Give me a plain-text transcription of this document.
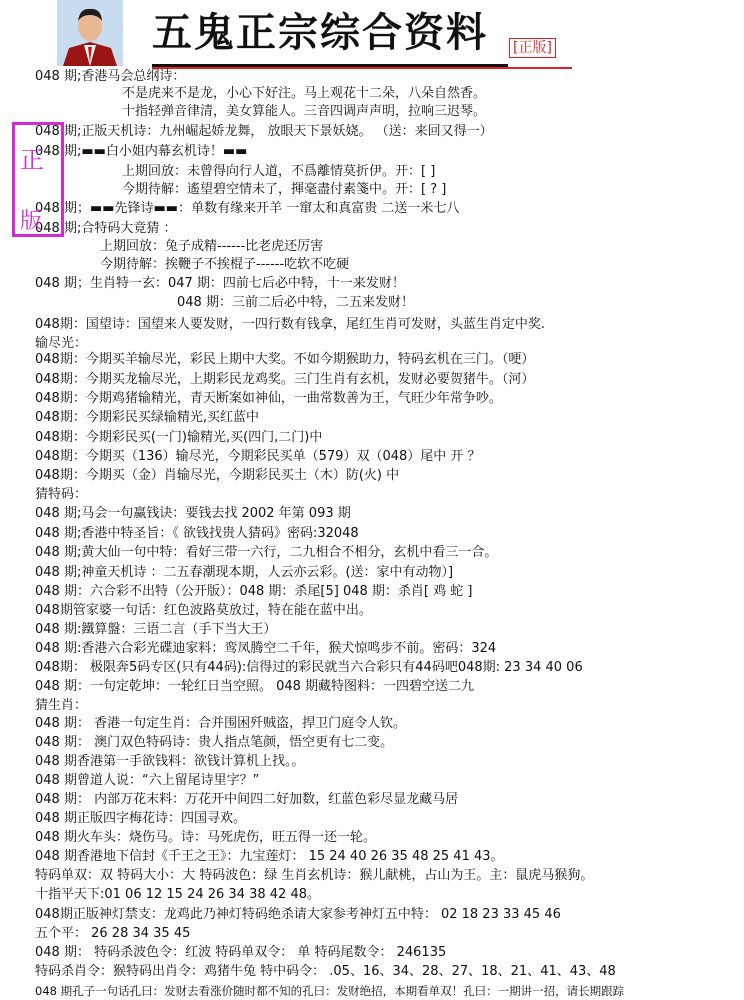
五鬼正宗综合资料	[正版]
048 期;香港马会总纲诗：
不是虎来不是龙，小心下好注。马上观花十二朵，八朵自然香。
十指轻弹音律清，美女算能人。三音四调声声明，拉响三迟琴。
048 期;正版天机诗：九州崛起娇龙舞， 放眼天下景妖娆。 （送：来回又得一）
048 期;▬▬白小姐内幕玄机诗！▬▬
上期回放：未曾得向行人道，不爲離情莫折伊。开：[ ]
今期待解：遙望碧空情未了，揮毫盡付素箋中。开：[ ? ]
048 期；▬▬先锋诗▬▬：单数有缘来开羊 一窜太和真富贵 二送一米七八
048 期;合特码大竟猜 ：
上期回放：兔子成精------比老虎还厉害
今期待解：挨鞭子不挨棍子------吃软不吃硬
048 期；生肖特一玄：047 期：四前七后必中特，十一来发财！
048 期：三前二后必中特，二五来发财！
048期：国望诗：国望来人要发财，一四行数有钱拿，尾红生肖可发财，头蓝生肖定中奖.
输尽光：
048期：今期买羊输尽光，彩民上期中大奖。不如今期猴助力，特码玄机在三门。（哽）
048期：今期买龙输尽光，上期彩民龙鸡奖。三门生肖有玄机，发财必要贺猪牛。（河）
048期：今期鸡猪输精光，青天断案如神仙，一曲常数善为王，气旺少年常争吵。
048期：今期彩民买绿输精光,买红蓝中
048期：今期彩民买(一门)输精光,买(四门,二门)中
048期：今期买（136）输尽光，今期彩民买单（579）双（048）尾中 开 ？
048期：今期买（金）肖输尽光，今期彩民买土（木）防(火) 中
猜特码：
048 期;马会一句赢钱诀：要钱去找 2002 年第 093 期
048 期;香港中特圣旨：《 欲钱找贵人猜码》密码:32048
048 期;黄大仙一句中特：看好三带一六行，二九相合不相分，玄机中看三一合。
048 期;神童天机诗 ：二五春潮现本期，人云亦云彩。(送：家中有动物）]
048 期：六合彩不出特（公开版）：048 期：杀尾[5] 048 期：杀肖[ 鸡 蛇 ]
048期管家婆一句话：红色波路莫放过，特在能在蓝中出。
048 期:鐵算盤：三语二言（手下当大王）
048 期:香港六合彩光碟迪家料：鸾凤腾空二千年，猴犬惊鸣步不前。密码：324
048期： 极限奔5码专区(只有44码):信得过的彩民就当六合彩只有44码吧048期: 23 34 40 06
048 期：一句定乾坤：一轮红日当空照。 048 期藏特图料：一四碧空送二九
猜生肖：
048 期： 香港一句定生肖：合并围困歼贼盗，捍卫门庭令人钦。
048 期： 澳门双色特码诗：贵人指点笔颜，悟空更有七二变。
048 期香港第一手欲钱料：欲钱计算机上找。。
048 期曾道人说：“六上留尾诗里字？”
048 期： 内部万花末料：万花开中间四二好加数，红蓝色彩尽显龙藏马居
048 期正版四字梅花诗：四国寻欢。
048 期火车头：烧伤马。诗：马死虎伤，旺五得一还一轮。
048 期香港地下信封《千王之王》：九宝莲灯： 15 24 40 26 35 48 25 41 43。
特码单双：双 特码大小：大 特码波色：绿 生肖玄机诗：猴儿献桃，占山为王。主：鼠虎马猴狗。
十指平天下:01 06 12 15 24 26 34 38 42 48。
048期正版神灯禁支：龙鸡此乃神灯特码绝杀请大家参考神灯五中特： 02 18 23 33 45 46
五个平： 26 28 34 35 45
048 期： 特码杀波色令：红波 特码单双令： 单 特码尾数令： 246135
特码杀肖令：猴特码出肖令：鸡猪牛兔 特中码令： .05、16、34、28、27、18、21、41、43、48
048 期孔子一句话孔曰：发财去看涨价随时都不知的孔曰：发财绝招，本期看单双！孔曰：一期讲一招，请长期跟踪
正
版
